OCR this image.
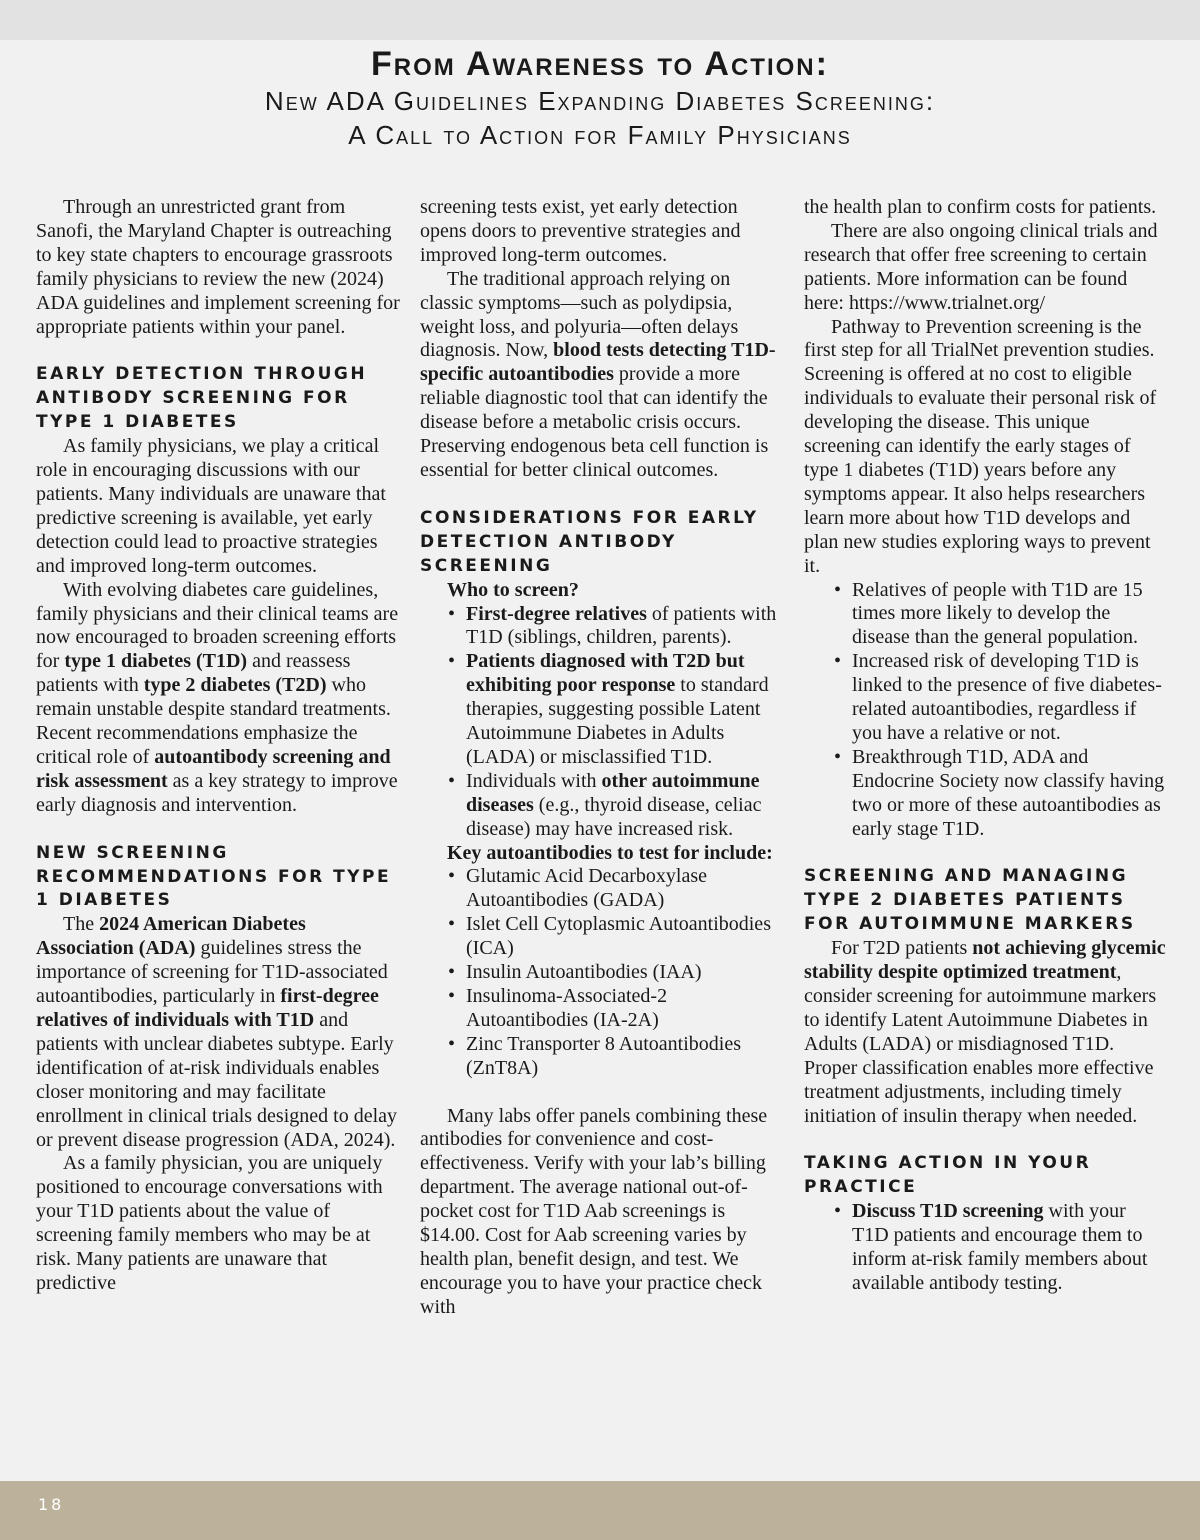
From Awareness to Action:
New ADA Guidelines Expanding Diabetes Screening:
A Call to Action for Family Physicians

Through an unrestricted grant from Sanofi, the Maryland Chapter is outreaching to key state chapters to encourage grassroots family physicians to review the new (2024) ADA guidelines and implement screening for appropriate patients within your panel.

EARLY DETECTION THROUGH ANTIBODY SCREENING FOR TYPE 1 DIABETES

As family physicians, we play a critical role in encouraging discussions with our patients. Many individuals are unaware that predictive screening is available, yet early detection could lead to proactive strategies and improved long-term outcomes.

With evolving diabetes care guidelines, family physicians and their clinical teams are now encouraged to broaden screening efforts for type 1 diabetes (T1D) and reassess patients with type 2 diabetes (T2D) who remain unstable despite standard treatments. Recent recommendations emphasize the critical role of autoantibody screening and risk assessment as a key strategy to improve early diagnosis and intervention.

NEW SCREENING RECOMMENDATIONS FOR TYPE 1 DIABETES

The 2024 American Diabetes Association (ADA) guidelines stress the importance of screening for T1D-associated autoantibodies, particularly in first-degree relatives of individuals with T1D and patients with unclear diabetes subtype. Early identification of at-risk individuals enables closer monitoring and may facilitate enrollment in clinical trials designed to delay or prevent disease progression (ADA, 2024).

As a family physician, you are uniquely positioned to encourage conversations with your T1D patients about the value of screening family members who may be at risk. Many patients are unaware that predictive

screening tests exist, yet early detection opens doors to preventive strategies and improved long-term outcomes.

The traditional approach relying on classic symptoms—such as polydipsia, weight loss, and polyuria—often delays diagnosis. Now, blood tests detecting T1D-specific autoantibodies provide a more reliable diagnostic tool that can identify the disease before a metabolic crisis occurs. Preserving endogenous beta cell function is essential for better clinical outcomes.

CONSIDERATIONS FOR EARLY DETECTION ANTIBODY SCREENING
Who to screen?
• First-degree relatives of patients with T1D (siblings, children, parents).
• Patients diagnosed with T2D but exhibiting poor response to standard therapies, suggesting possible Latent Autoimmune Diabetes in Adults (LADA) or misclassified T1D.
• Individuals with other autoimmune diseases (e.g., thyroid disease, celiac disease) may have increased risk.
Key autoantibodies to test for include:
• Glutamic Acid Decarboxylase Autoantibodies (GADA)
• Islet Cell Cytoplasmic Autoantibodies (ICA)
• Insulin Autoantibodies (IAA)
• Insulinoma-Associated-2 Autoantibodies (IA-2A)
• Zinc Transporter 8 Autoantibodies (ZnT8A)

Many labs offer panels combining these antibodies for convenience and cost-effectiveness. Verify with your lab’s billing department. The average national out-of-pocket cost for T1D Aab screenings is $14.00. Cost for Aab screening varies by health plan, benefit design, and test. We encourage you to have your practice check with

the health plan to confirm costs for patients.

There are also ongoing clinical trials and research that offer free screening to certain patients. More information can be found here: https://www.trialnet.org/

Pathway to Prevention screening is the first step for all TrialNet prevention studies. Screening is offered at no cost to eligible individuals to evaluate their personal risk of developing the disease. This unique screening can identify the early stages of type 1 diabetes (T1D) years before any symptoms appear. It also helps researchers learn more about how T1D develops and plan new studies exploring ways to prevent it.

• Relatives of people with T1D are 15 times more likely to develop the disease than the general population.
• Increased risk of developing T1D is linked to the presence of five diabetes-related autoantibodies, regardless if you have a relative or not.
• Breakthrough T1D, ADA and Endocrine Society now classify having two or more of these autoantibodies as early stage T1D.
SCREENING AND MANAGING TYPE 2 DIABETES PATIENTS FOR AUTOIMMUNE MARKERS

For T2D patients not achieving glycemic stability despite optimized treatment, consider screening for autoimmune markers to identify Latent Autoimmune Diabetes in Adults (LADA) or misdiagnosed T1D. Proper classification enables more effective treatment adjustments, including timely initiation of insulin therapy when needed.

TAKING ACTION IN YOUR PRACTICE
• Discuss T1D screening with your T1D patients and encourage them to inform at-risk family members about available antibody testing.
18
